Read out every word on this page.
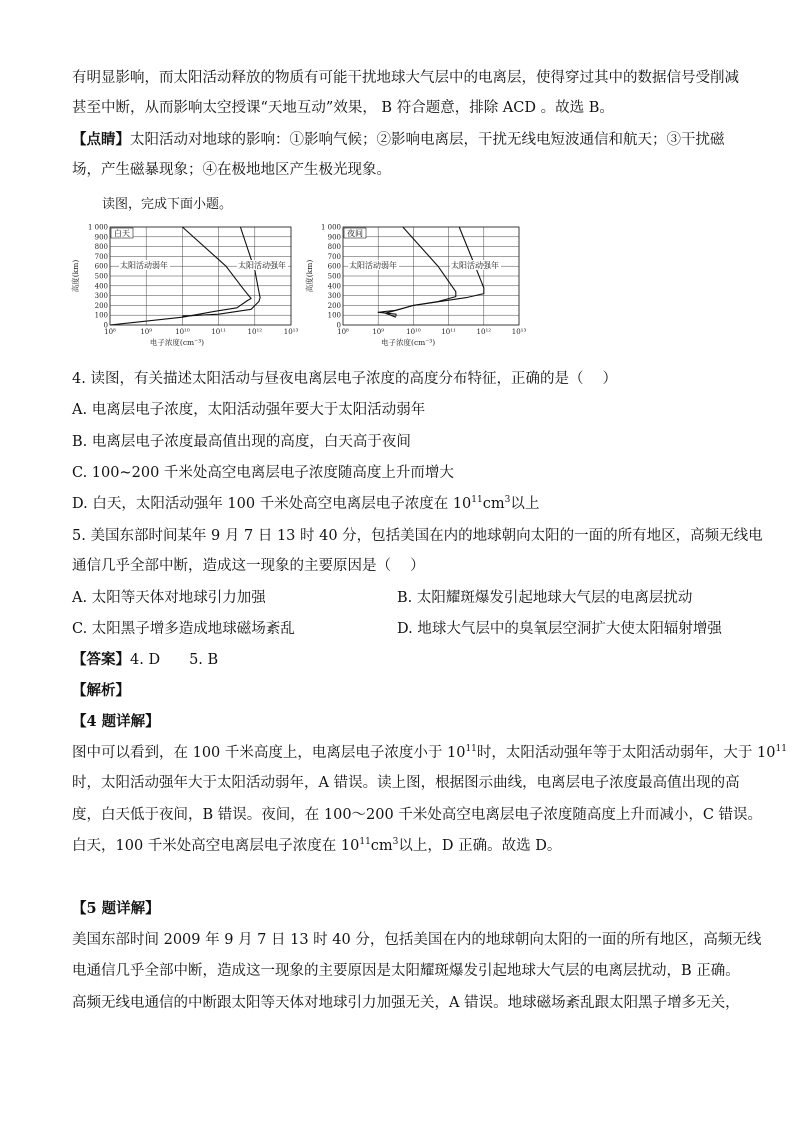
有明显影响，而太阳活动释放的物质有可能干扰地球大气层中的电离层，使得穿过其中的数据信号受削减
甚至中断，从而影响太空授课“天地互动”效果， B 符合题意，排除 ACD 。故选 B。
【点睛】太阳活动对地球的影响：①影响气候；②影响电离层，干扰无线电短波通信和航天；③干扰磁
场，产生磁暴现象；④在极地地区产生极光现象。
读图，完成下面小题。
0
100
200
300
400
500
600
700
800
900
1 000
10⁸	10⁹	10¹⁰	10¹¹	10¹²	10¹³
电子浓度(cm⁻³)
高度(km)
白天
太阳活动弱年	太阳活动强年
0
100
200
300
400
500
600
700
800
900
1 000
10⁸	10⁹	10¹⁰	10¹¹	10¹²	10¹³
电子浓度(cm⁻³)
高度(km)
夜间
太阳活动弱年	太阳活动强年
4. 读图，有关描述太阳活动与昼夜电离层电子浓度的高度分布特征，正确的是（　 ）
A. 电离层电子浓度，太阳活动强年要大于太阳活动弱年
B. 电离层电子浓度最高值出现的高度，白天高于夜间
C. 100~200 千米处高空电离层电子浓度随高度上升而增大
D. 白天，太阳活动强年 100 千米处高空电离层电子浓度在 $10^{11}cm^3$以上
5. 美国东部时间某年 9 月 7 日 13 时 40 分，包括美国在内的地球朝向太阳的一面的所有地区，高频无线电
通信几乎全部中断，造成这一现象的主要原因是（　 ）
A. 太阳等天体对地球引力加强	B. 太阳耀斑爆发引起地球大气层的电离层扰动
C. 太阳黑子增多造成地球磁场紊乱	D. 地球大气层中的臭氧层空洞扩大使太阳辐射增强
【答案】4. D　　5. B
【解析】
【4 题详解】
图中可以看到，在 100 千米高度上，电离层电子浓度小于 $10^{11}$时，太阳活动强年等于太阳活动弱年，大于 $10^{11}$
时，太阳活动强年大于太阳活动弱年，A 错误。读上图，根据图示曲线，电离层电子浓度最高值出现的高
度，白天低于夜间，B 错误。夜间，在 100～200 千米处高空电离层电子浓度随高度上升而减小，C 错误。
白天，100 千米处高空电离层电子浓度在 $10^{11}cm^3$以上，D 正确。故选 D。
【5 题详解】
美国东部时间 2009 年 9 月 7 日 13 时 40 分，包括美国在内的地球朝向太阳的一面的所有地区，高频无线
电通信几乎全部中断，造成这一现象的主要原因是太阳耀斑爆发引起地球大气层的电离层扰动，B 正确。
高频无线电通信的中断跟太阳等天体对地球引力加强无关，A 错误。地球磁场紊乱跟太阳黑子增多无关，
